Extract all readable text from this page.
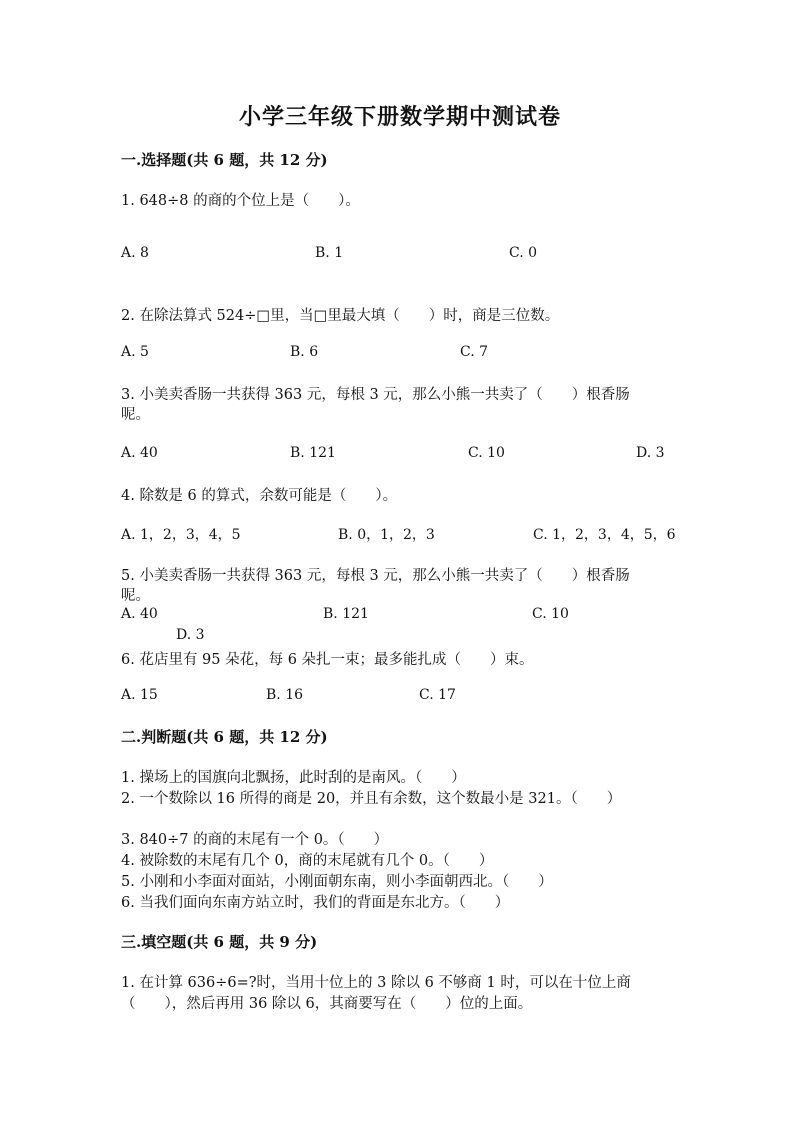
小学三年级下册数学期中测试卷
一.选择题(共 6 题，共 12 分)
1. 648÷8 的商的个位上是（　　）。
A. 8	B. 1	C. 0
2. 在除法算式 524÷□里，当□里最大填（　　）时，商是三位数。
A. 5	B. 6	C. 7
3. 小美卖香肠一共获得 363 元，每根 3 元，那么小熊一共卖了（　　）根香肠
呢。
A. 40	B. 121	C. 10	D. 3
4. 除数是 6 的算式，余数可能是（　　）。
A. 1，2，3，4，5	B. 0，1，2，3	C. 1，2，3，4，5，6
5. 小美卖香肠一共获得 363 元，每根 3 元，那么小熊一共卖了（　　）根香肠
呢。
A. 40	B. 121	C. 10
D. 3
6. 花店里有 95 朵花，每 6 朵扎一束；最多能扎成（　　）束。
A. 15	B. 16	C. 17
二.判断题(共 6 题，共 12 分)
1. 操场上的国旗向北飘扬，此时刮的是南风。（　　）
2. 一个数除以 16 所得的商是 20，并且有余数，这个数最小是 321。（　　）
3. 840÷7 的商的末尾有一个 0。（　　）
4. 被除数的末尾有几个 0，商的末尾就有几个 0。（　　）
5. 小刚和小李面对面站，小刚面朝东南，则小李面朝西北。（　　）
6. 当我们面向东南方站立时，我们的背面是东北方。（　　）
三.填空题(共 6 题，共 9 分)
1. 在计算 636÷6=?时，当用十位上的 3 除以 6 不够商 1 时，可以在十位上商
（　　），然后再用 36 除以 6，其商要写在（　　）位的上面。
